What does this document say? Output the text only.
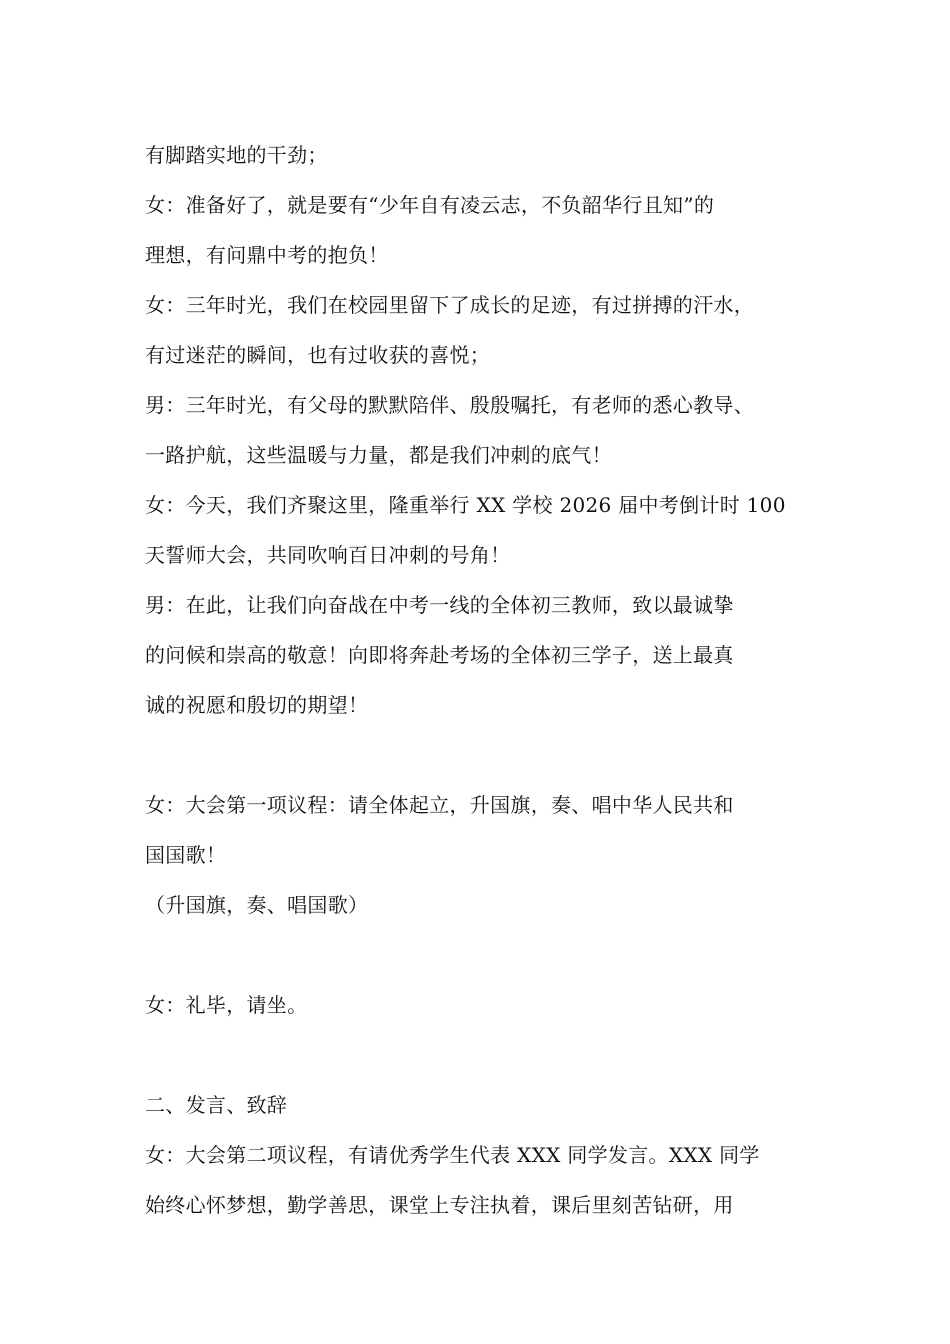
有脚踏实地的干劲；
女：准备好了，就是要有“少年自有凌云志，不负韶华行且知”的
理想，有问鼎中考的抱负！
女：三年时光，我们在校园里留下了成长的足迹，有过拼搏的汗水，
有过迷茫的瞬间，也有过收获的喜悦；
男：三年时光，有父母的默默陪伴、殷殷嘱托，有老师的悉心教导、
一路护航，这些温暖与力量，都是我们冲刺的底气！
女：今天，我们齐聚这里，隆重举行 XX 学校 2026 届中考倒计时 100
天誓师大会，共同吹响百日冲刺的号角！
男：在此，让我们向奋战在中考一线的全体初三教师，致以最诚挚
的问候和崇高的敬意！向即将奔赴考场的全体初三学子，送上最真
诚的祝愿和殷切的期望！
女：大会第一项议程：请全体起立，升国旗，奏、唱中华人民共和
国国歌！
（升国旗，奏、唱国歌）
女：礼毕，请坐。
二、发言、致辞
女：大会第二项议程，有请优秀学生代表 XXX 同学发言。XXX 同学
始终心怀梦想，勤学善思，课堂上专注执着，课后里刻苦钻研，用
